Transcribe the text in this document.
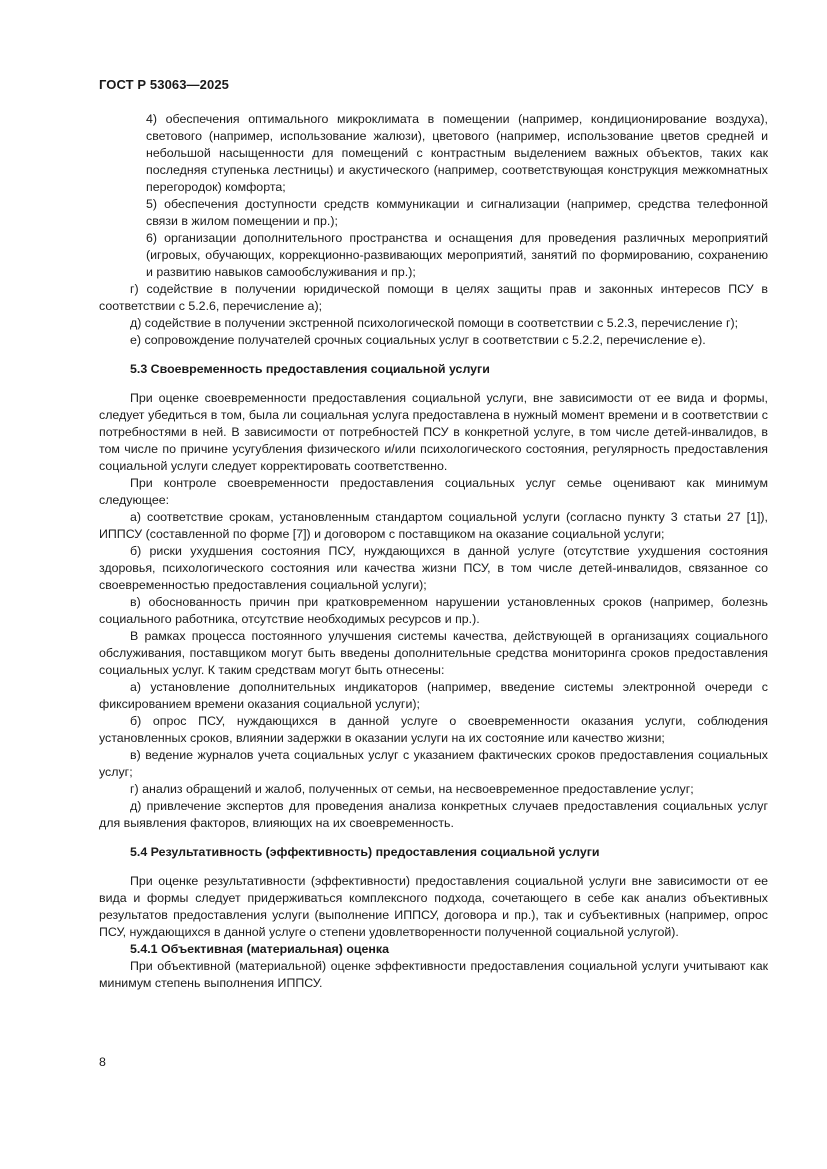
ГОСТ Р 53063—2025

4) обеспечения оптимального микроклимата в помещении (например, кондиционирование воздуха), светового (например, использование жалюзи), цветового (например, использование цветов средней и небольшой насыщенности для помещений с контрастным выделением важных объектов, таких как последняя ступенька лестницы) и акустического (например, соответствующая конструкция межкомнатных перегородок) комфорта;

5) обеспечения доступности средств коммуникации и сигнализации (например, средства телефонной связи в жилом помещении и пр.);

6) организации дополнительного пространства и оснащения для проведения различных мероприятий (игровых, обучающих, коррекционно-развивающих мероприятий, занятий по формированию, сохранению и развитию навыков самообслуживания и пр.);

г) содействие в получении юридической помощи в целях защиты прав и законных интересов ПСУ в соответствии с 5.2.6, перечисление а);

д) содействие в получении экстренной психологической помощи в соответствии с 5.2.3, перечисление г);

е) сопровождение получателей срочных социальных услуг в соответствии с 5.2.2, перечисление е).

5.3 Своевременность предоставления социальной услуги

При оценке своевременности предоставления социальной услуги, вне зависимости от ее вида и формы, следует убедиться в том, была ли социальная услуга предоставлена в нужный момент времени и в соответствии с потребностями в ней. В зависимости от потребностей ПСУ в конкретной услуге, в том числе детей-инвалидов, в том числе по причине усугубления физического и/или психологического состояния, регулярность предоставления социальной услуги следует корректировать соответственно.

При контроле своевременности предоставления социальных услуг семье оценивают как минимум следующее:

а) соответствие срокам, установленным стандартом социальной услуги (согласно пункту 3 статьи 27 [1]), ИППСУ (составленной по форме [7]) и договором с поставщиком на оказание социальной услуги;

б) риски ухудшения состояния ПСУ, нуждающихся в данной услуге (отсутствие ухудшения состояния здоровья, психологического состояния или качества жизни ПСУ, в том числе детей-инвалидов, связанное со своевременностью предоставления социальной услуги);

в) обоснованность причин при кратковременном нарушении установленных сроков (например, болезнь социального работника, отсутствие необходимых ресурсов и пр.).

В рамках процесса постоянного улучшения системы качества, действующей в организациях социального обслуживания, поставщиком могут быть введены дополнительные средства мониторинга сроков предоставления социальных услуг. К таким средствам могут быть отнесены:

а) установление дополнительных индикаторов (например, введение системы электронной очереди с фиксированием времени оказания социальной услуги);

б) опрос ПСУ, нуждающихся в данной услуге о своевременности оказания услуги, соблюдения установленных сроков, влиянии задержки в оказании услуги на их состояние или качество жизни;

в) ведение журналов учета социальных услуг с указанием фактических сроков предоставления социальных услуг;

г) анализ обращений и жалоб, полученных от семьи, на несвоевременное предоставление услуг;

д) привлечение экспертов для проведения анализа конкретных случаев предоставления социальных услуг для выявления факторов, влияющих на их своевременность.

5.4 Результативность (эффективность) предоставления социальной услуги

При оценке результативности (эффективности) предоставления социальной услуги вне зависимости от ее вида и формы следует придерживаться комплексного подхода, сочетающего в себе как анализ объективных результатов предоставления услуги (выполнение ИППСУ, договора и пр.), так и субъективных (например, опрос ПСУ, нуждающихся в данной услуге о степени удовлетворенности полученной социальной услугой).

5.4.1 Объективная (материальная) оценка

При объективной (материальной) оценке эффективности предоставления социальной услуги учитывают как минимум степень выполнения ИППСУ.

8
